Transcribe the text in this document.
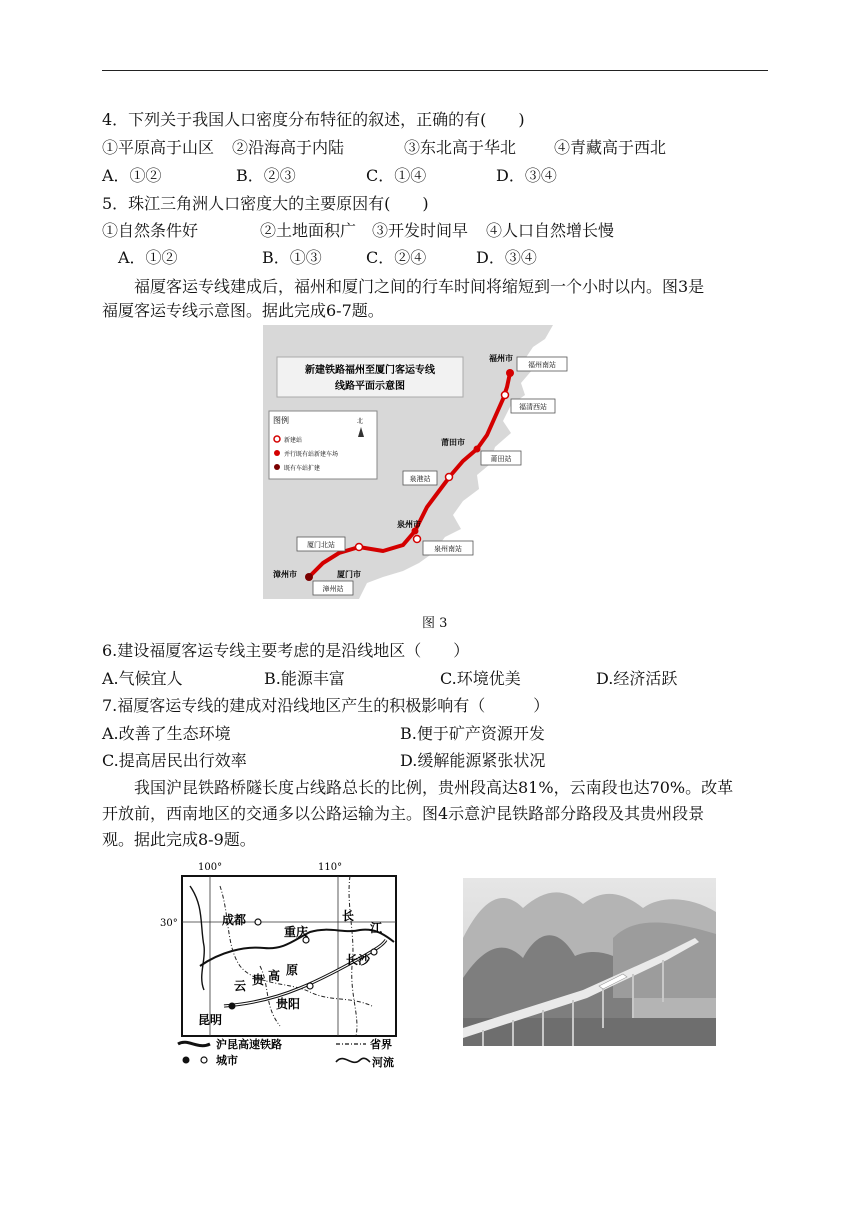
4．下列关于我国人口密度分布特征的叙述，正确的有(　　)
①平原高于山区 ②沿海高于内陆	③东北高于华北 ④青藏高于西北
A．①②	B．②③	C．①④	D．③④
5．珠江三角洲人口密度大的主要原因有(　　)
①自然条件好	②土地面积广 ③开发时间早 ④人口自然增长慢
A．①②	B．①③	C．②④	D．③④
福厦客运专线建成后，福州和厦门之间的行车时间将缩短到一个小时以内。图3是
福厦客运专线示意图。据此完成6-7题。
图例	北
新建站
并行既有站新建车场
既有车站扩建
新建铁路福州至厦门客运专线
线路平面示意图
福州市
莆田市
泉州市
厦门市
漳州市
福州南站
福清西站
莆田站
泉港站
泉州南站
厦门北站
漳州站
图 3
6.建设福厦客运专线主要考虑的是沿线地区（　　）
A.气候宜人	B.能源丰富	C.环境优美	D.经济活跃
7.福厦客运专线的建成对沿线地区产生的积极影响有（　　　）
A.改善了生态环境	B.便于矿产资源开发
C.提高居民出行效率	D.缓解能源紧张状况
我国沪昆铁路桥隧长度占线路总长的比例，贵州段高达81%，云南段也达70%。改革
开放前，西南地区的交通多以公路运输为主。图4示意沪昆铁路部分路段及其贵州段景
观。据此完成8-9题。
100°	110°
30°	成都
重庆
长
江
长沙
云 贵 高 原
昆明
贵阳
沪昆高速铁路	省界
城市	河流
